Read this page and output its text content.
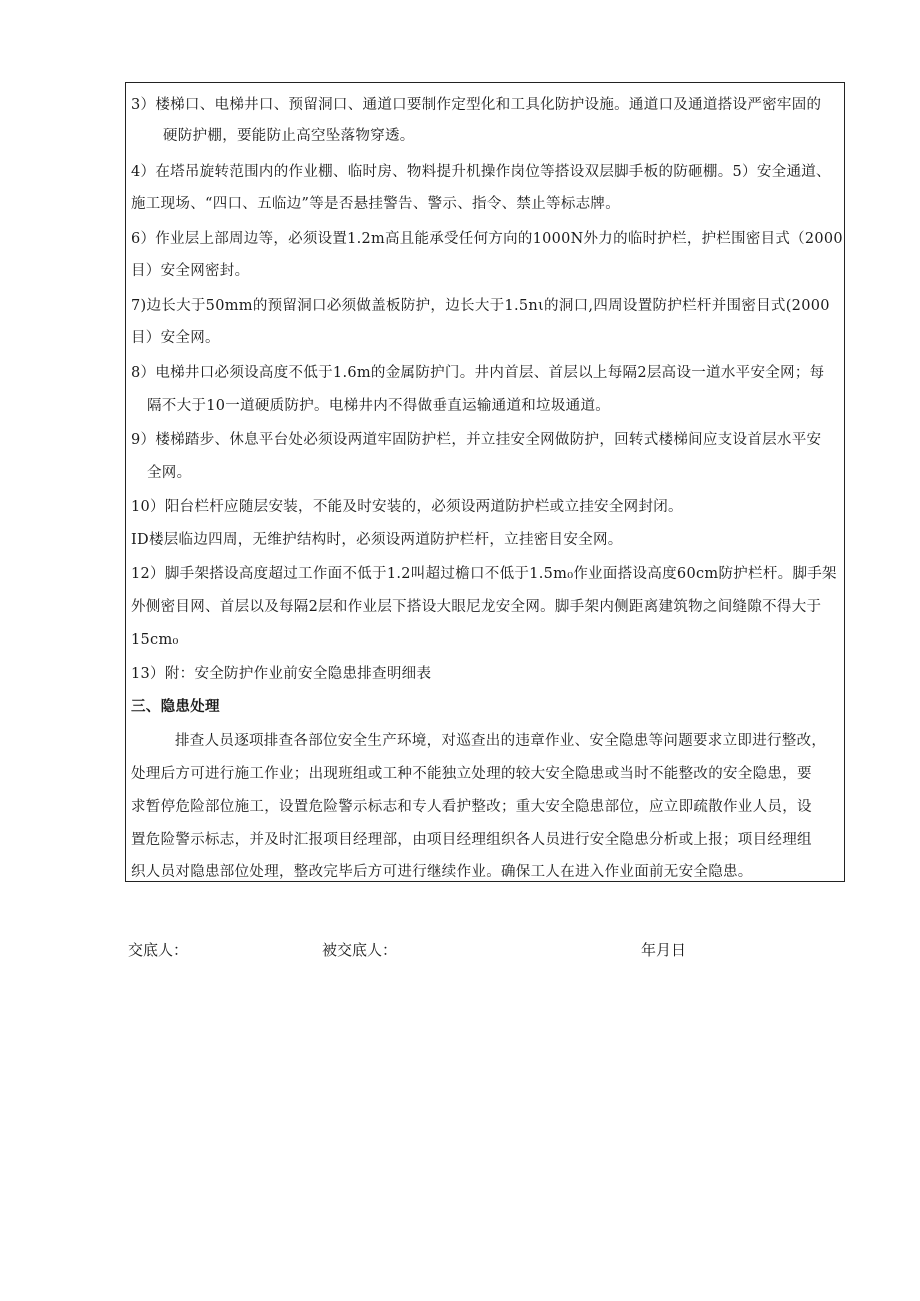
3）楼梯口、电梯井口、预留洞口、通道口要制作定型化和工具化防护设施。通道口及通道搭设严密牢固的
硬防护棚，要能防止高空坠落物穿透。
4）在塔吊旋转范围内的作业棚、临时房、物料提升机操作岗位等搭设双层脚手板的防砸棚。5）安全通道、
施工现场、“四口、五临边”等是否悬挂警告、警示、指令、禁止等标志牌。
6）作业层上部周边等，必须设置1.2m高且能承受任何方向的1000N外力的临时护栏，护栏围密目式（2000
目）安全网密封。
7)边长大于50mm的预留洞口必须做盖板防护，边长大于1.5nι的洞口,四周设置防护栏杆并围密目式(2000
目）安全网。
8）电梯井口必须设高度不低于1.6m的金属防护门。井内首层、首层以上每隔2层高设一道水平安全网；每
隔不大于10一道硬质防护。电梯井内不得做垂直运输通道和垃圾通道。
9）楼梯踏步、休息平台处必须设两道牢固防护栏，并立挂安全网做防护，回转式楼梯间应支设首层水平安
全网。
10）阳台栏杆应随层安装，不能及时安装的，必须设两道防护栏或立挂安全网封闭。
ID楼层临边四周，无维护结构时，必须设两道防护栏杆，立挂密目安全网。
12）脚手架搭设高度超过工作面不低于1.2叫超过檐口不低于1.5m₀作业面搭设高度60cm防护栏杆。脚手架
外侧密目网、首层以及每隔2层和作业层下搭设大眼尼龙安全网。脚手架内侧距离建筑物之间缝隙不得大于
15cm₀
13）附：安全防护作业前安全隐患排查明细表
三、隐患处理
排查人员逐项排查各部位安全生产环境，对巡查出的违章作业、安全隐患等问题要求立即进行整改，
处理后方可进行施工作业；出现班组或工种不能独立处理的较大安全隐患或当时不能整改的安全隐患，要
求暂停危险部位施工，设置危险警示标志和专人看护整改；重大安全隐患部位，应立即疏散作业人员，设
置危险警示标志，并及时汇报项目经理部，由项目经理组织各人员进行安全隐患分析或上报；项目经理组
织人员对隐患部位处理，整改完毕后方可进行继续作业。确保工人在进入作业面前无安全隐患。
交底人：	被交底人：	年月日
